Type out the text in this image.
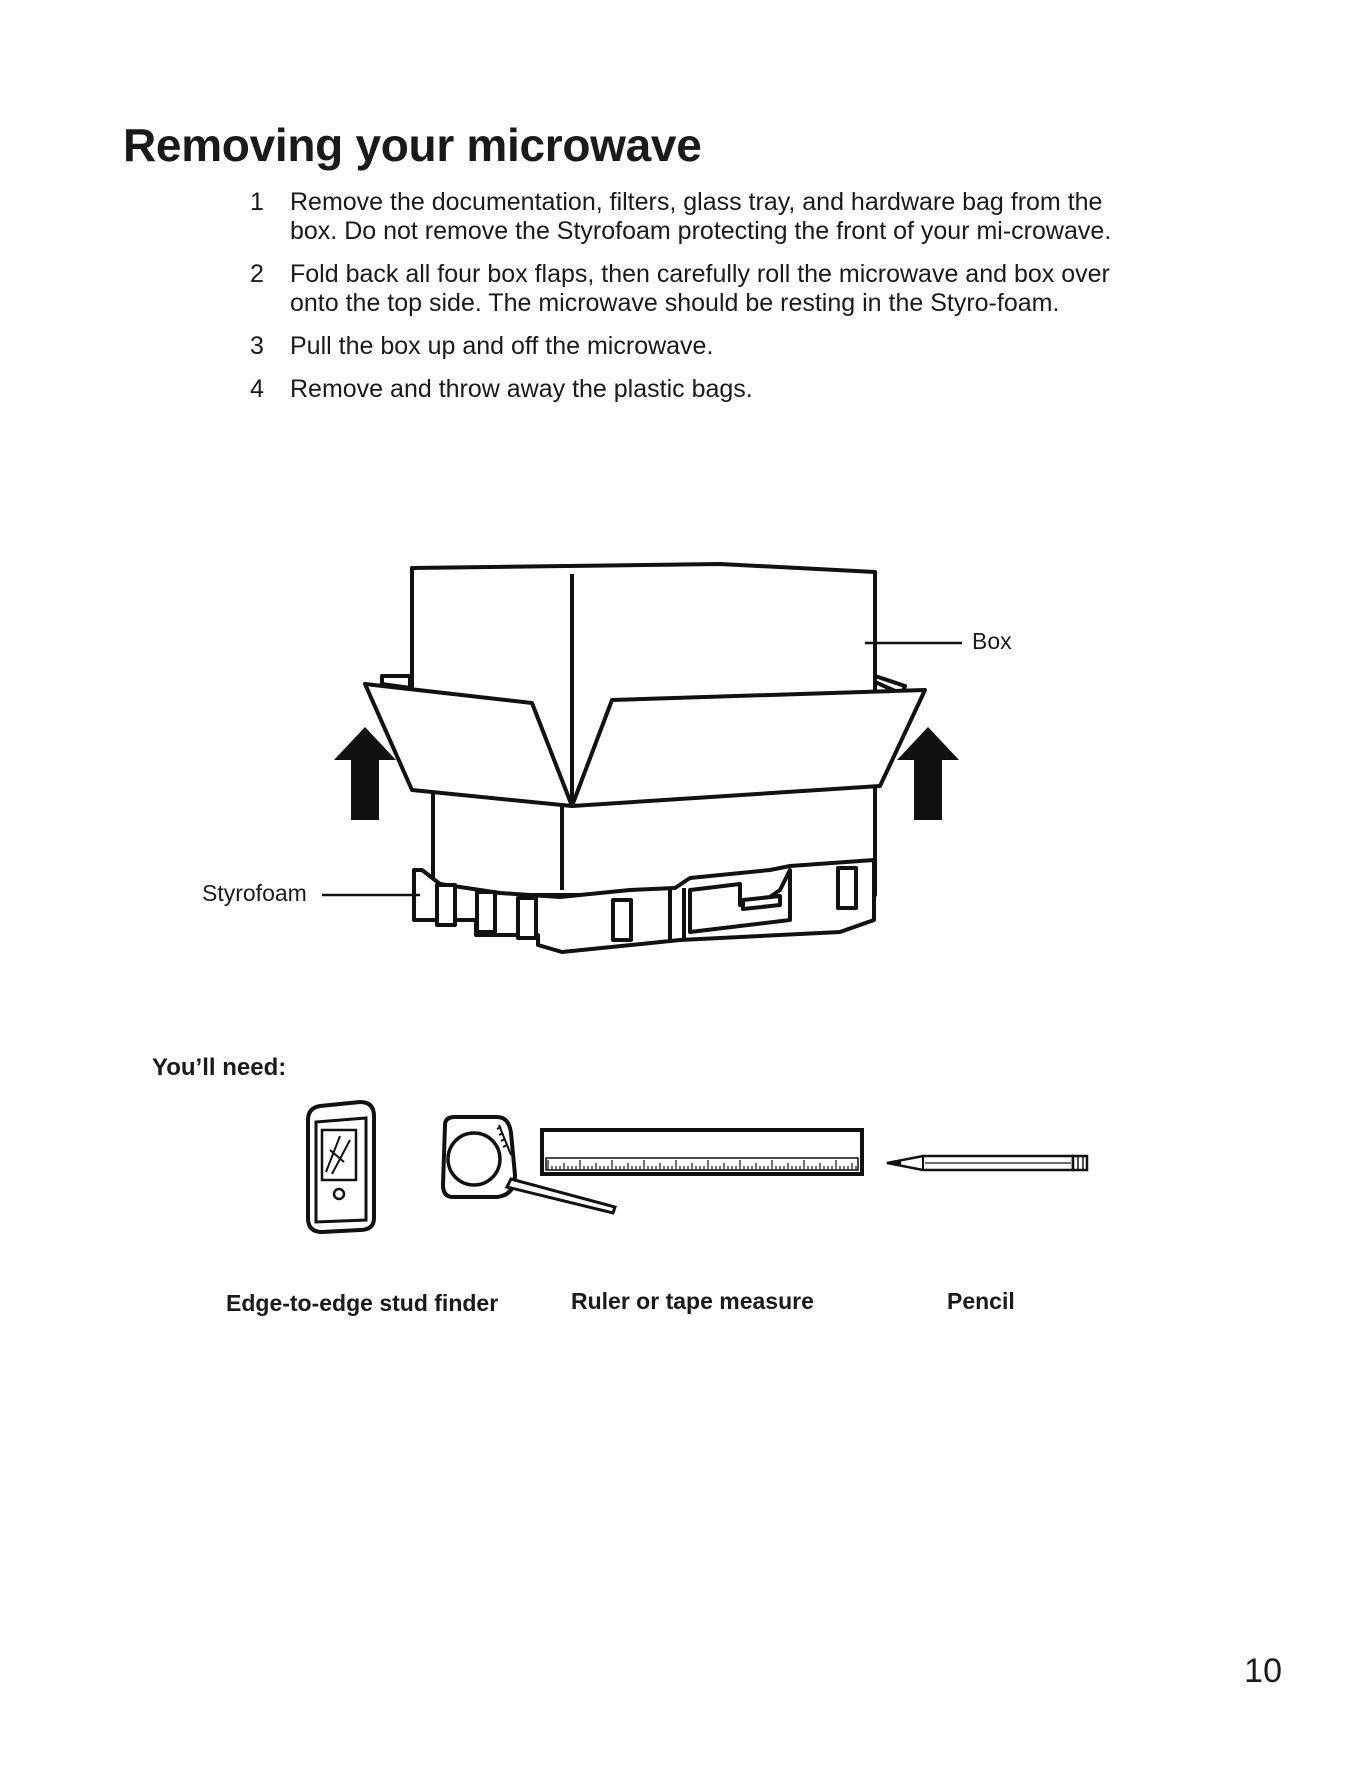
Removing your microwave
1	Remove the documentation, filters, glass tray, and hardware bag from the box. Do not remove the Styrofoam protecting the front of your mi-crowave.
2	Fold back all four box flaps, then carefully roll the microwave and box over onto the top side. The microwave should be resting in the Styro-foam.
3	Pull the box up and off the microwave.
4	Remove and throw away the plastic bags.
Box
Styrofoam
You’ll need:
Edge-to-edge stud finder	Ruler or tape measure	Pencil
10
